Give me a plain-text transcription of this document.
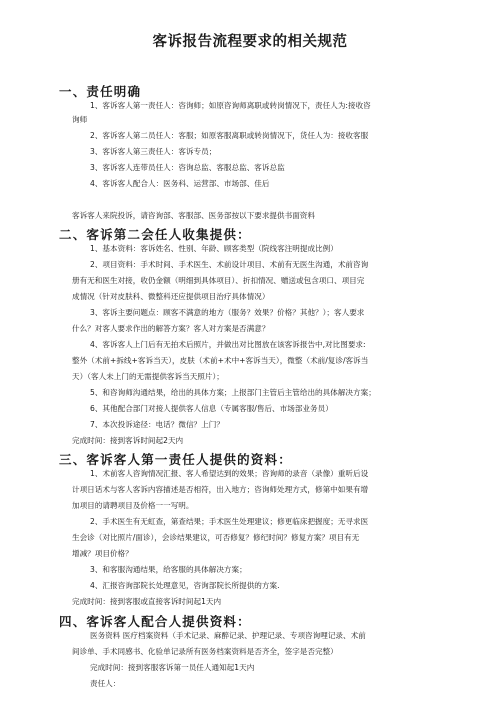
客诉报告流程要求的相关规范
一、责任明确
1、客诉客人第一责任人：咨询师；如原咨询师离职或转岗情况下，责任人为:接收咨
询师
2、客诉客人第二员任人：客服；如原客服离职或转岗情况下，货任人为：接收客服
3、客诉客人第三责任人：客诉专员；
3、客诉客人连带员任人：咨询总监、客服总监、客诉总监
4、客诉客人配合人：医务科、运营部、市场部、佳后
客诉客人来院投诉，请咨询部、客服部、医务部按以下要求提供书面资料
二、客诉第二会任人收集提供：
1、基本资料：客诉姓名、性别、年龄、顾客类型（院线客注明提成比例）
2、项目资料：手术时间、手术医生、术前设计项目、术前有无医生沟通，术前咨询
册有无和医生对接，收仍金额（明细到具体项目）、折扣情况、赠送或包含项口、项目完
成情况（针对皮肤科、微整科还应提供项目治疗具体情况）
3、客诉主要问题点：顾客不满意的地方（服务？效果？价格？其他？）；客人要求
什么？对客人要求作出的解答方案？客人对方案是否满意？
4、客诉客人上门后有无拍术后照片，并做出对比图放在该客诉报告中,对比图要求:
整外（术前+拆线+客诉当天），皮肤（术前+术中+客诉当天），微整（术前/复诊/客诉当
天）（客人未上门的无需提供客诉当天照片）；
5、和咨询师沟通结果，给出的具体方案；上报部门主管后主管给出的具体解决方案；
6、其他配合部门对接人提供客人信息（专属客服/售后、市场部业务员）
7、本次投诉途径：电话？微信？上门？
完成时间：接到客诉时间起2天内
三、客诉客人第一责任人提供的资料：
1、术前客人咨询情况汇报、客人希望达到的效果；咨询师的录音（录像）重听后设
计项日话术与客人客诉内容描述是否相符，出入地方；咨询师处理方式，修第中如果有增
加项目的请聘项目及价格一一写明。
2、手术医生有无虹查，第查结果；手术医生处理建议；修更临床把握度；无寻求医
生会诊（对比照片/面诊），会诊结果建议，可否修复？修纪时间？修复方案？项目有无
增减？项目价格？
3、和客服沟通结果，给客服的具体解决方案；
4、汇报咨询部院长处理意见，咨询部院长所提供的方案.
完成时间：接到客服或直接客诉时间起1天内
四、客诉客人配合人提供资料：
医务资料 医疗档案资料（手术记录、麻醉记录、护理记录、专项咨询哩记录、术前
间诊单、手术同感书、化验单记录所有医务档案资料是否齐全，签字是否完整）
完成时间：接到客服客诉第一员任人通知起1天内
责任人：
